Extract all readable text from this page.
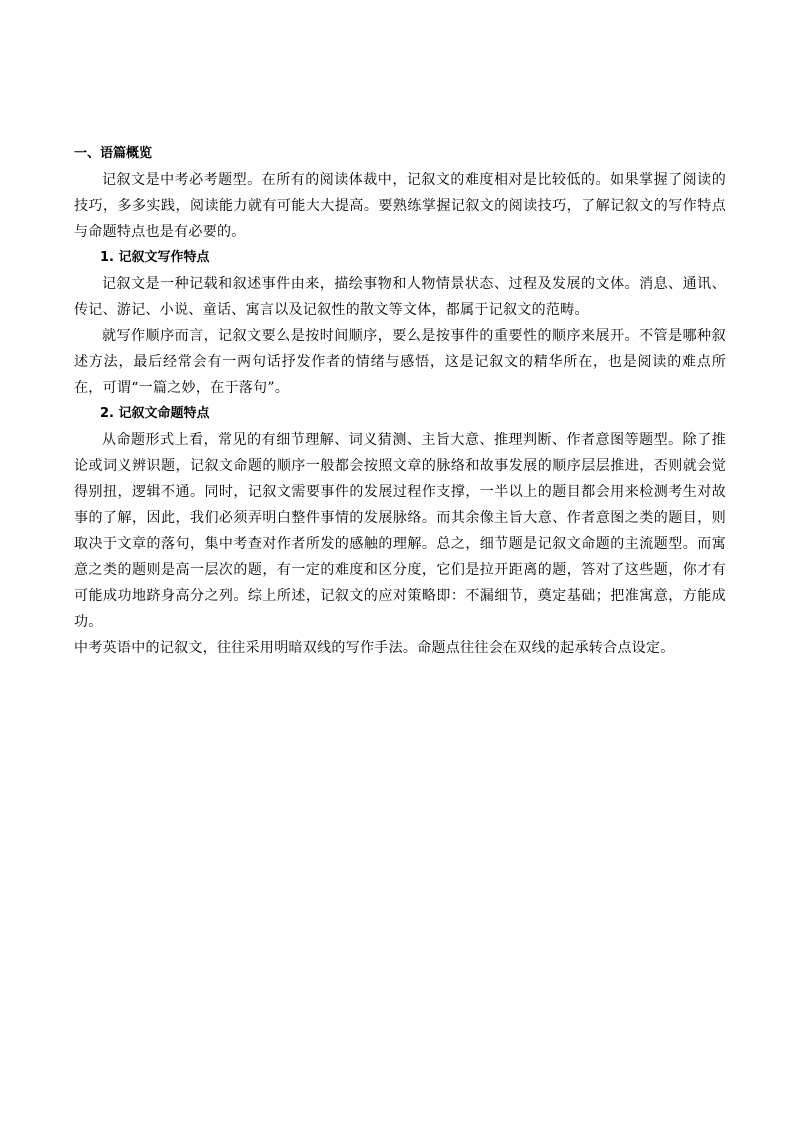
一、语篇概览

记叙文是中考必考题型。在所有的阅读体裁中，记叙文的难度相对是比较低的。如果掌握了阅读的技巧，多多实践，阅读能力就有可能大大提高。要熟练掌握记叙文的阅读技巧，了解记叙文的写作特点与命题特点也是有必要的。

1. 记叙文写作特点

记叙文是一种记载和叙述事件由来，描绘事物和人物情景状态、过程及发展的文体。消息、通讯、传记、游记、小说、童话、寓言以及记叙性的散文等文体，都属于记叙文的范畴。

就写作顺序而言，记叙文要么是按时间顺序，要么是按事件的重要性的顺序来展开。不管是哪种叙述方法，最后经常会有一两句话抒发作者的情绪与感悟，这是记叙文的精华所在，也是阅读的难点所在，可谓“一篇之妙，在于落句”。

2. 记叙文命题特点

从命题形式上看，常见的有细节理解、词义猜测、主旨大意、推理判断、作者意图等题型。除了推论或词义辨识题，记叙文命题的顺序一般都会按照文章的脉络和故事发展的顺序层层推进，否则就会觉得别扭，逻辑不通。同时，记叙文需要事件的发展过程作支撑，一半以上的题目都会用来检测考生对故事的了解，因此，我们必须弄明白整件事情的发展脉络。而其余像主旨大意、作者意图之类的题目，则取决于文章的落句，集中考查对作者所发的感触的理解。总之，细节题是记叙文命题的主流题型。而寓意之类的题则是高一层次的题，有一定的难度和区分度，它们是拉开距离的题，答对了这些题，你才有可能成功地跻身高分之列。综上所述，记叙文的应对策略即：不漏细节，奠定基础；把准寓意，方能成功。

中考英语中的记叙文，往往采用明暗双线的写作手法。命题点往往会在双线的起承转合点设定。
